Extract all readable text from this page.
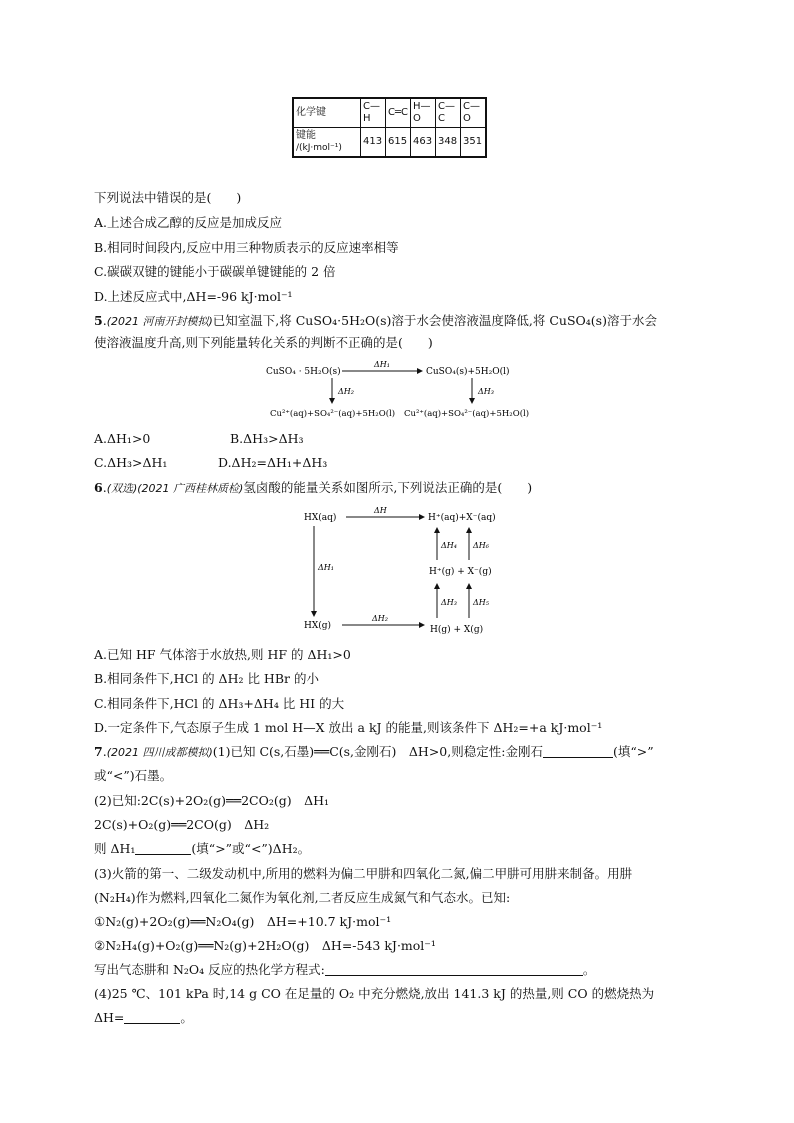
化学键	C—H	C═C	H—O	C—C	C—O

键能
/(kJ·mol⁻¹)	413	615	463	348	351
下列说法中错误的是(　　)
A.上述合成乙醇的反应是加成反应
B.相同时间段内,反应中用三种物质表示的反应速率相等
C.碳碳双键的键能小于碳碳单键键能的 2 倍
D.上述反应式中,ΔH=-96 kJ·mol⁻¹
5.(2021 河南开封模拟)已知室温下,将 CuSO₄·5H₂O(s)溶于水会使溶液温度降低,将 CuSO₄(s)溶于水会
使溶液温度升高,则下列能量转化关系的判断不正确的是(　　)
CuSO₄ · 5H₂O(s)
ΔH₁
CuSO₄(s)+5H₂O(l)
ΔH₂	ΔH₃
Cu²⁺(aq)+SO₄²⁻(aq)+5H₂O(l) Cu²⁺(aq)+SO₄²⁻(aq)+5H₂O(l)
A.ΔH₁>0	B.ΔH₃>ΔH₃
C.ΔH₃>ΔH₁	D.ΔH₂=ΔH₁+ΔH₃
6.(双选)(2021 广西桂林质检)氢卤酸的能量关系如图所示,下列说法正确的是(　　)
HX(aq)
ΔH
H⁺(aq)+X⁻(aq)
ΔH₁
ΔH₄ ΔH₆
H⁺(g) + X⁻(g)
ΔH₃ ΔH₅
HX(g)
ΔH₂
H(g) + X(g)
A.已知 HF 气体溶于水放热,则 HF 的 ΔH₁>0
B.相同条件下,HCl 的 ΔH₂ 比 HBr 的小
C.相同条件下,HCl 的 ΔH₃+ΔH₄ 比 HI 的大
D.一定条件下,气态原子生成 1 mol H—X 放出 a kJ 的能量,则该条件下 ΔH₂=+a kJ·mol⁻¹
7.(2021 四川成都模拟)(1)已知 C(s,石墨)══C(s,金刚石)　ΔH>0,则稳定性:金刚石	(填“>”
或“<”)石墨。
(2)已知:2C(s)+2O₂(g)══2CO₂(g)　ΔH₁
2C(s)+O₂(g)══2CO(g)　ΔH₂
则 ΔH₁	(填“>”或“<”)ΔH₂。
(3)火箭的第一、二级发动机中,所用的燃料为偏二甲肼和四氧化二氮,偏二甲肼可用肼来制备。用肼
(N₂H₄)作为燃料,四氧化二氮作为氧化剂,二者反应生成氮气和气态水。已知:
①N₂(g)+2O₂(g)══N₂O₄(g)　ΔH=+10.7 kJ·mol⁻¹
②N₂H₄(g)+O₂(g)══N₂(g)+2H₂O(g)　ΔH=-543 kJ·mol⁻¹
写出气态肼和 N₂O₄ 反应的热化学方程式:	。
(4)25 ℃、101 kPa 时,14 g CO 在足量的 O₂ 中充分燃烧,放出 141.3 kJ 的热量,则 CO 的燃烧热为
ΔH=	。
